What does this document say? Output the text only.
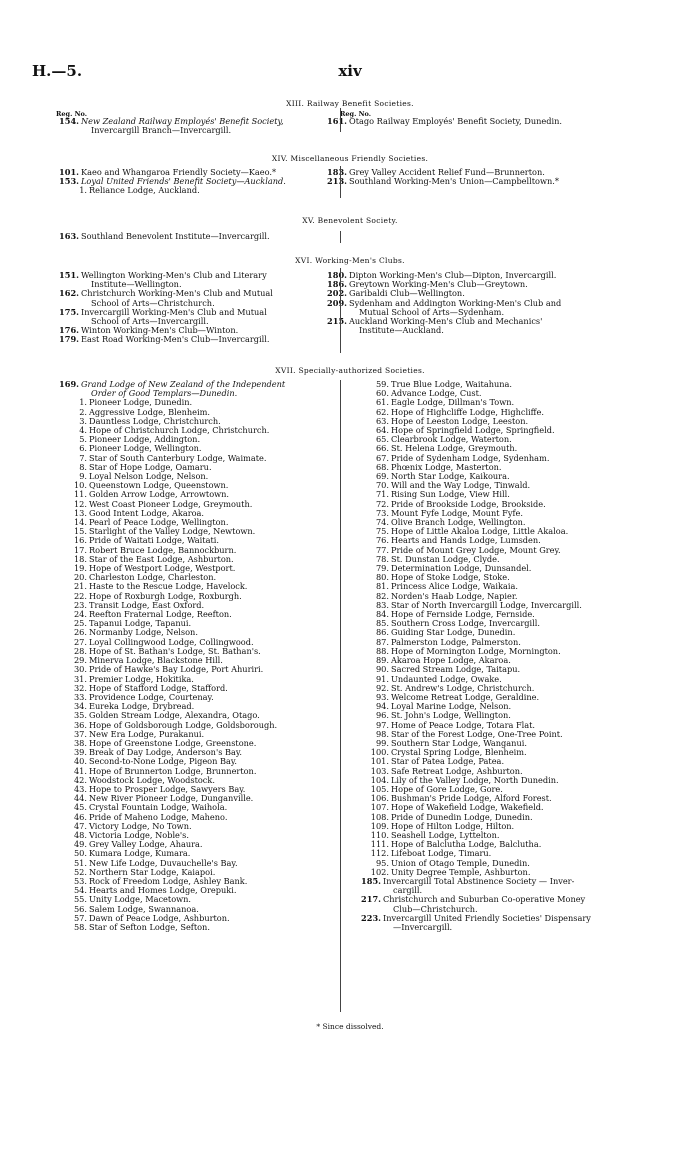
H.—5.	xiv
XIII. Railway Benefit Societies.
Reg. No.	Reg. No.
154. New Zealand Railway Employés' Benefit Society,
Invercargill Branch—Invercargill.
161. Otago Railway Employés' Benefit Society, Dunedin.
XIV. Miscellaneous Friendly Societies.
101. Kaeo and Whangaroa Friendly Society—Kaeo.*
153. Loyal United Friends' Benefit Society—Auckland.
1. Reliance Lodge, Auckland.
183. Grey Valley Accident Relief Fund—Brunnerton.
213. Southland Working-Men's Union—Campbelltown.*
XV. Benevolent Society.
163. Southland Benevolent Institute—Invercargill.
XVI. Working-Men's Clubs.
151. Wellington Working-Men's Club and Literary
Institute—Wellington.
162. Christchurch Working-Men's Club and Mutual
School of Arts—Christchurch.
175. Invercargill Working-Men's Club and Mutual
School of Arts—Invercargill.
176. Winton Working-Men's Club—Winton.
179. East Road Working-Men's Club—Invercargill.
180. Dipton Working-Men's Club—Dipton, Invercargill.
186. Greytown Working-Men's Club—Greytown.
202. Garibaldi Club—Wellington.
209. Sydenham and Addington Working-Men's Club and
Mutual School of Arts—Sydenham.
215. Auckland Working-Men's Club and Mechanics'
Institute—Auckland.
XVII. Specially-authorized Societies.
169. Grand Lodge of New Zealand of the Independent
Order of Good Templars—Dunedin.
1. Pioneer Lodge, Dunedin.
2. Aggressive Lodge, Blenheim.
3. Dauntless Lodge, Christchurch.
4. Hope of Christchurch Lodge, Christchurch.
5. Pioneer Lodge, Addington.
6. Pioneer Lodge, Wellington.
7. Star of South Canterbury Lodge, Waimate.
8. Star of Hope Lodge, Oamaru.
9. Loyal Nelson Lodge, Nelson.
10. Queenstown Lodge, Queenstown.
11. Golden Arrow Lodge, Arrowtown.
12. West Coast Pioneer Lodge, Greymouth.
13. Good Intent Lodge, Akaroa.
14. Pearl of Peace Lodge, Wellington.
15. Starlight of the Valley Lodge, Newtown.
16. Pride of Waitati Lodge, Waitati.
17. Robert Bruce Lodge, Bannockburn.
18. Star of the East Lodge, Ashburton.
19. Hope of Westport Lodge, Westport.
20. Charleston Lodge, Charleston.
21. Haste to the Rescue Lodge, Havelock.
22. Hope of Roxburgh Lodge, Roxburgh.
23. Transit Lodge, East Oxford.
24. Reefton Fraternal Lodge, Reefton.
25. Tapanui Lodge, Tapanui.
26. Normanby Lodge, Nelson.
27. Loyal Collingwood Lodge, Collingwood.
28. Hope of St. Bathan's Lodge, St. Bathan's.
29. Minerva Lodge, Blackstone Hill.
30. Pride of Hawke's Bay Lodge, Port Ahuriri.
31. Premier Lodge, Hokitika.
32. Hope of Stafford Lodge, Stafford.
33. Providence Lodge, Courtenay.
34. Eureka Lodge, Drybread.
35. Golden Stream Lodge, Alexandra, Otago.
36. Hope of Goldsborough Lodge, Goldsborough.
37. New Era Lodge, Purakanui.
38. Hope of Greenstone Lodge, Greenstone.
39. Break of Day Lodge, Anderson's Bay.
40. Second-to-None Lodge, Pigeon Bay.
41. Hope of Brunnerton Lodge, Brunnerton.
42. Woodstock Lodge, Woodstock.
43. Hope to Prosper Lodge, Sawyers Bay.
44. New River Pioneer Lodge, Dunganville.
45. Crystal Fountain Lodge, Waihola.
46. Pride of Maheno Lodge, Maheno.
47. Victory Lodge, No Town.
48. Victoria Lodge, Noble's.
49. Grey Valley Lodge, Ahaura.
50. Kumara Lodge, Kumara.
51. New Life Lodge, Duvauchelle's Bay.
52. Northern Star Lodge, Kaiapoi.
53. Rock of Freedom Lodge, Ashley Bank.
54. Hearts and Homes Lodge, Orepuki.
55. Unity Lodge, Macetown.
56. Salem Lodge, Swannanoa.
57. Dawn of Peace Lodge, Ashburton.
58. Star of Sefton Lodge, Sefton.
59. True Blue Lodge, Waitahuna.
60. Advance Lodge, Cust.
61. Eagle Lodge, Dillman's Town.
62. Hope of Highcliffe Lodge, Highcliffe.
63. Hope of Leeston Lodge, Leeston.
64. Hope of Springfield Lodge, Springfield.
65. Clearbrook Lodge, Waterton.
66. St. Helena Lodge, Greymouth.
67. Pride of Sydenham Lodge, Sydenham.
68. Phœnix Lodge, Masterton.
69. North Star Lodge, Kaikoura.
70. Will and the Way Lodge, Tinwald.
71. Rising Sun Lodge, View Hill.
72. Pride of Brookside Lodge, Brookside.
73. Mount Fyfe Lodge, Mount Fyfe.
74. Olive Branch Lodge, Wellington.
75. Hope of Little Akaloa Lodge, Little Akaloa.
76. Hearts and Hands Lodge, Lumsden.
77. Pride of Mount Grey Lodge, Mount Grey.
78. St. Dunstan Lodge, Clyde.
79. Determination Lodge, Dunsandel.
80. Hope of Stoke Lodge, Stoke.
81. Princess Alice Lodge, Waikaia.
82. Norden's Haab Lodge, Napier.
83. Star of North Invercargill Lodge, Invercargill.
84. Hope of Fernside Lodge, Fernside.
85. Southern Cross Lodge, Invercargill.
86. Guiding Star Lodge, Dunedin.
87. Palmerston Lodge, Palmerston.
88. Hope of Mornington Lodge, Mornington.
89. Akaroa Hope Lodge, Akaroa.
90. Sacred Stream Lodge, Taitapu.
91. Undaunted Lodge, Owake.
92. St. Andrew's Lodge, Christchurch.
93. Welcome Retreat Lodge, Geraldine.
94. Loyal Marine Lodge, Nelson.
96. St. John's Lodge, Wellington.
97. Home of Peace Lodge, Totara Flat.
98. Star of the Forest Lodge, One-Tree Point.
99. Southern Star Lodge, Wanganui.
100. Crystal Spring Lodge, Blenheim.
101. Star of Patea Lodge, Patea.
103. Safe Retreat Lodge, Ashburton.
104. Lily of the Valley Lodge, North Dunedin.
105. Hope of Gore Lodge, Gore.
106. Bushman's Pride Lodge, Alford Forest.
107. Hope of Wakefield Lodge, Wakefield.
108. Pride of Dunedin Lodge, Dunedin.
109. Hope of Hilton Lodge, Hilton.
110. Seashell Lodge, Lyttelton.
111. Hope of Balclutha Lodge, Balclutha.
112. Lifeboat Lodge, Timaru.
95. Union of Otago Temple, Dunedin.
102. Unity Degree Temple, Ashburton.
185. Invercargill Total Abstinence Society — Inver-
cargill.
217. Christchurch and Suburban Co-operative Money
Club—Christchurch.
223. Invercargill United Friendly Societies' Dispensary
—Invercargill.
* Since dissolved.
